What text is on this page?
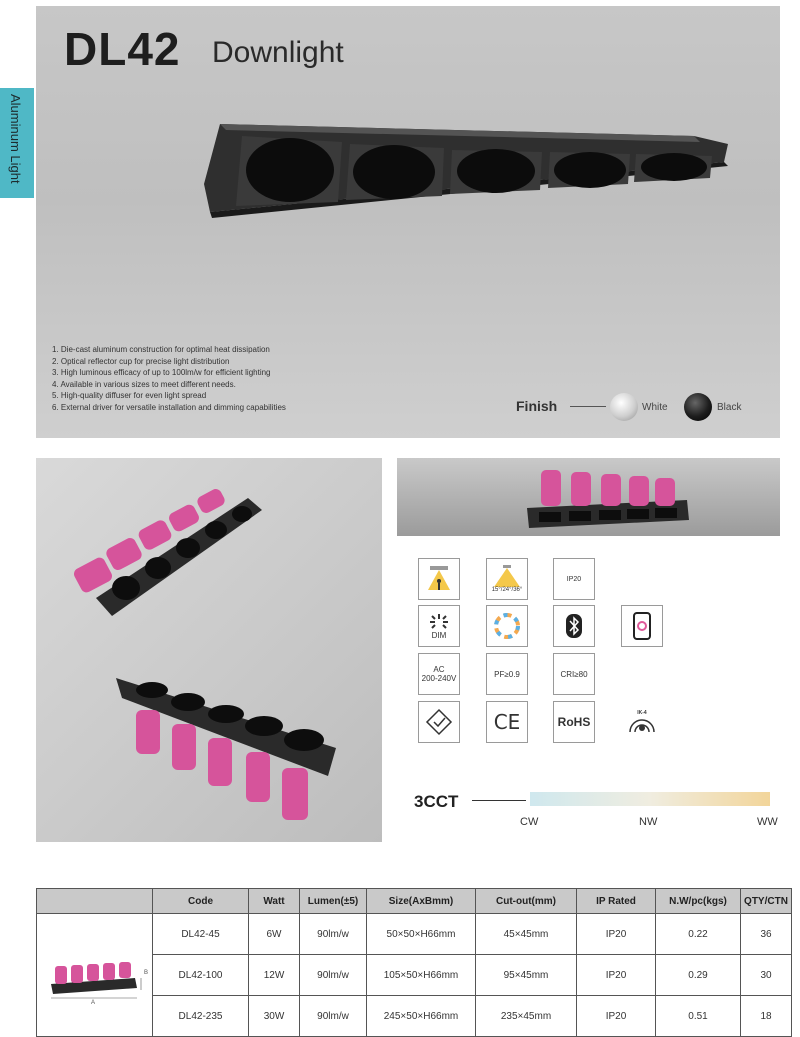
DL42 Downlight
1. Die-cast aluminum construction for optimal heat dissipation
2. Optical reflector cup for precise light distribution
3. High luminous efficacy of up to 100lm/w for efficient lighting
4. Available in various sizes to meet different needs.
5. High-quality diffuser for even light spread
6. External driver for versatile installation and dimming capabilities	Finish	White	Black
Aluminum Light
15°/24°/36°
IP20
DIM
AC
200-240V	PF≥0.9	CRI≥80
CE	RoHS
IK-4
3CCT
CW	NW	WW
	Code	Watt	Lumen(±5)	Size(AxBmm)	Cut-out(mm)	IP Rated	N.W/pc(kgs)	QTY/CTN

A
B	DL42-45	6W	90lm/w	50×50×H66mm	45×45mm	IP20	0.22	36
	DL42-100	12W	90lm/w	105×50×H66mm	95×45mm	IP20	0.29	30
	DL42-235	30W	90lm/w	245×50×H66mm	235×45mm	IP20	0.51	18
